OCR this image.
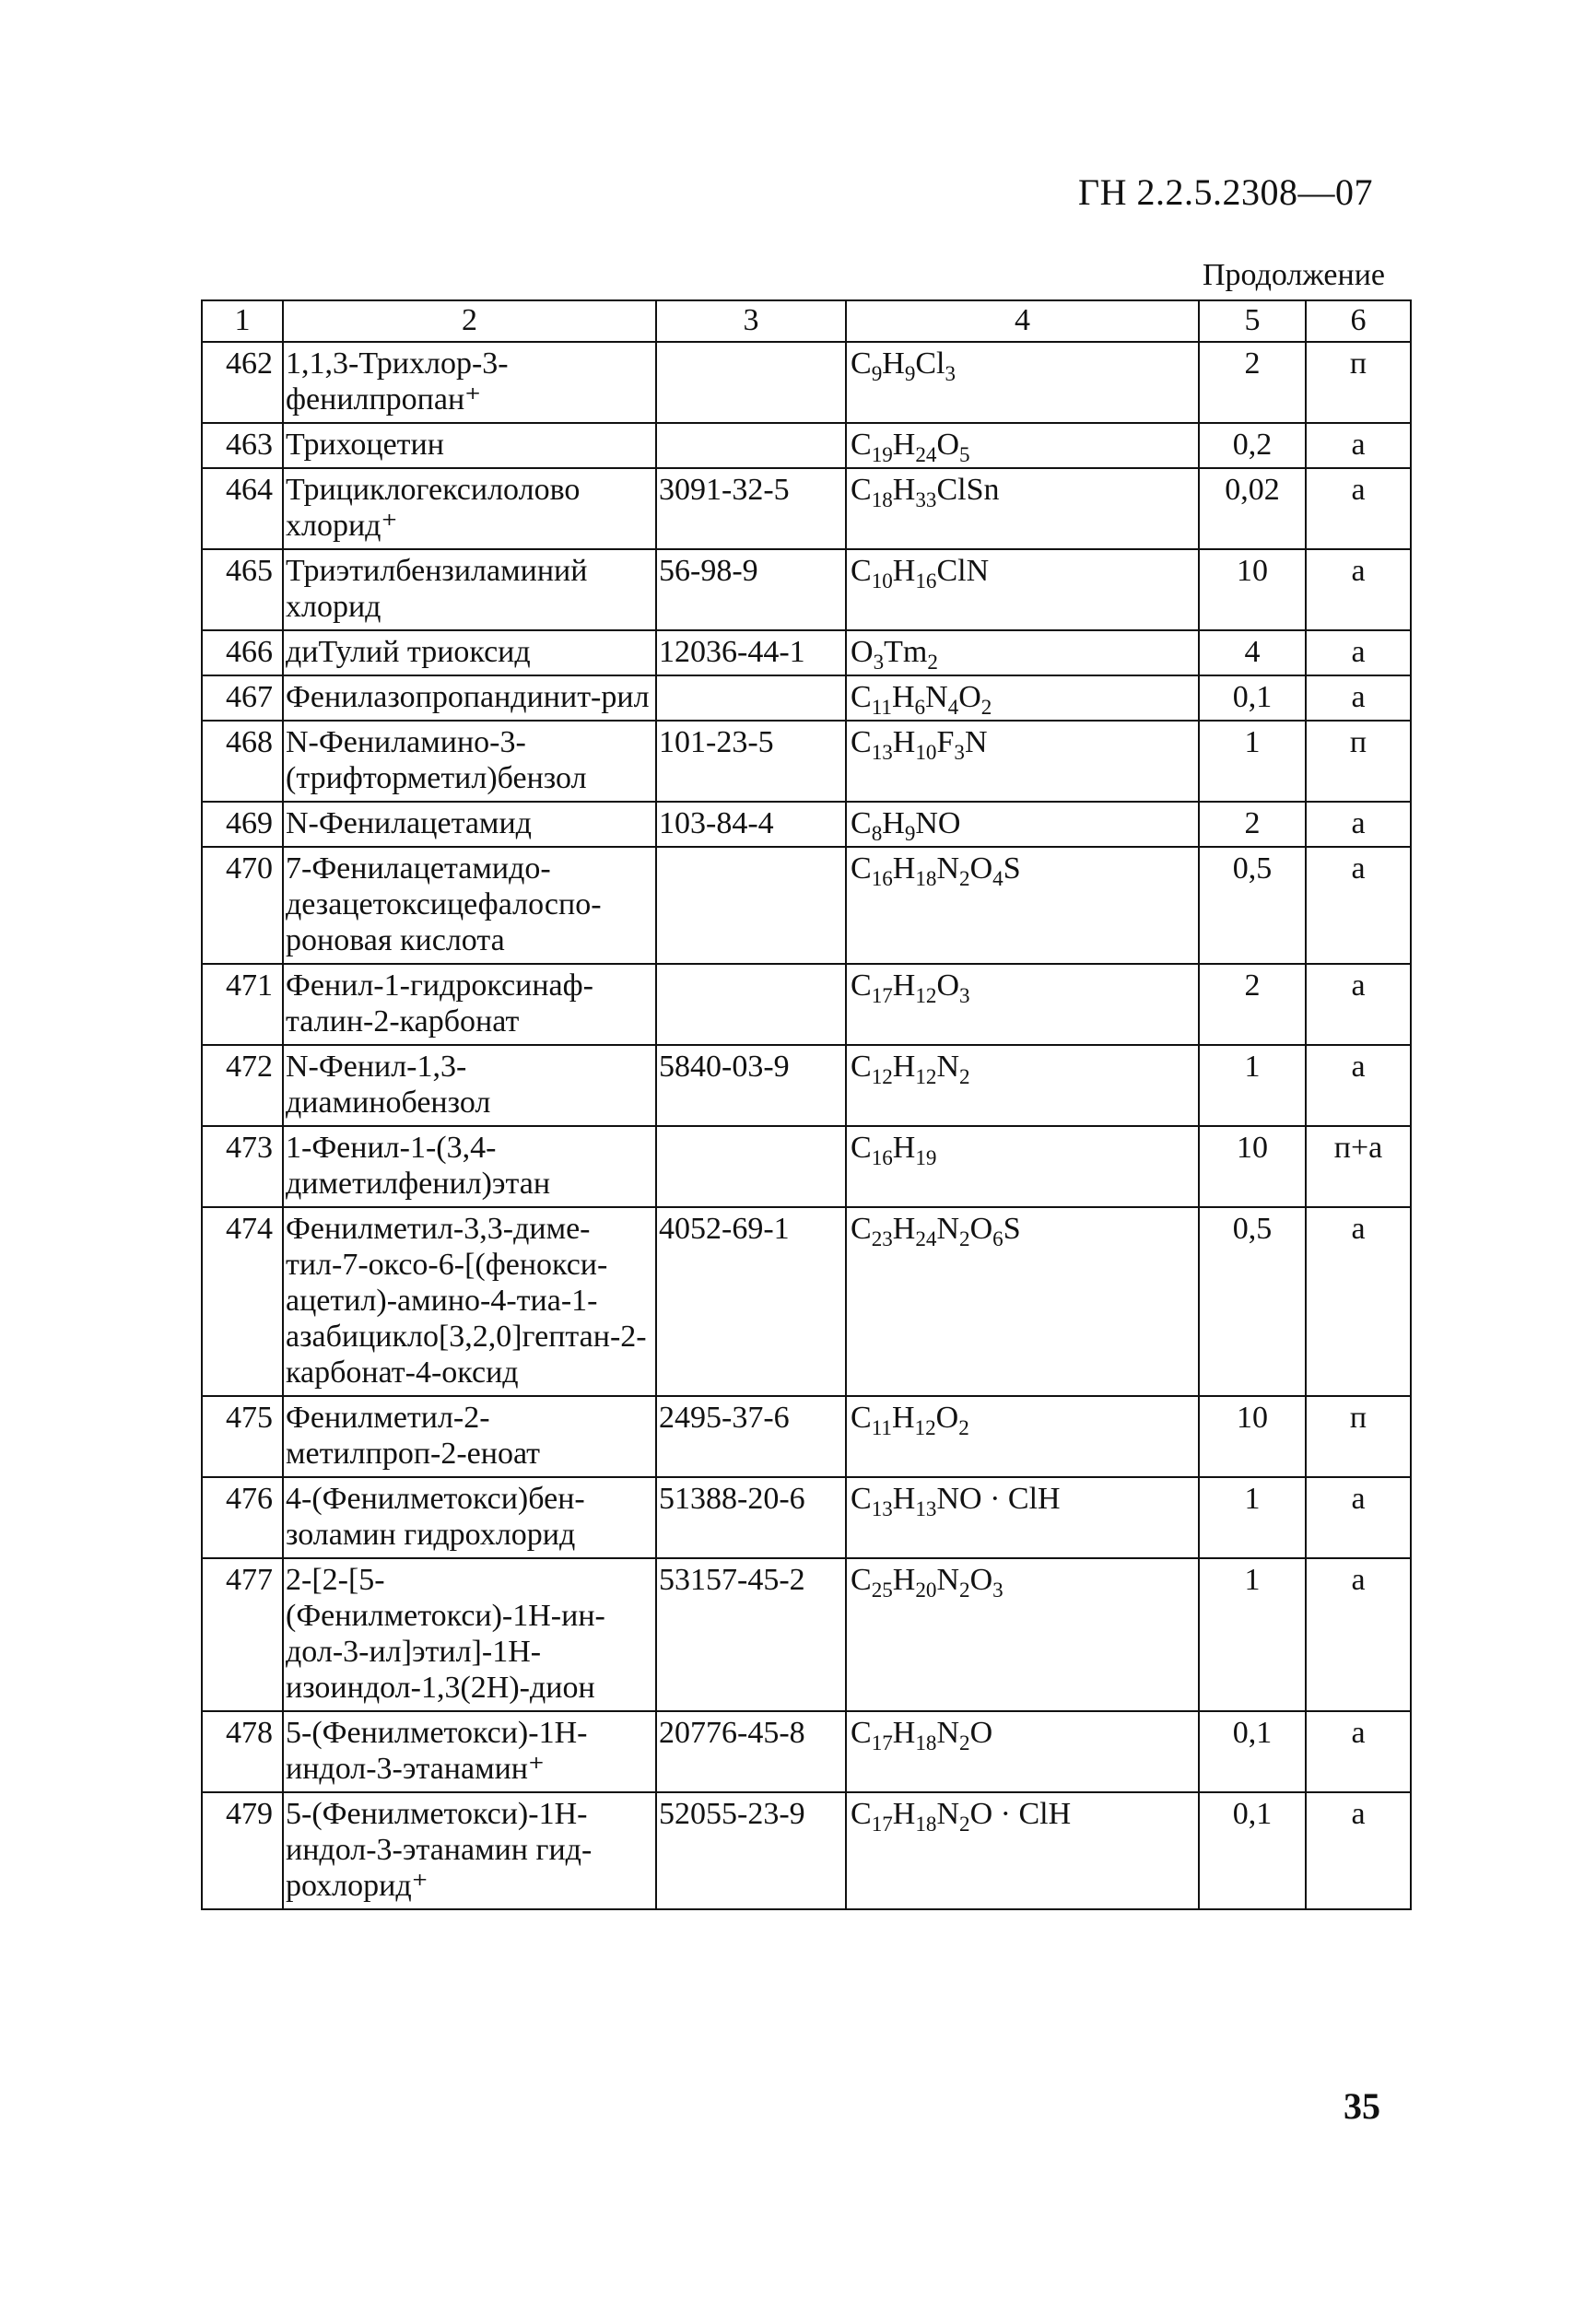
ГН 2.2.5.2308—07
Продолжение
1	2	3	4	5	6
462	1,1,3-Трихлор-3-фенилпропан⁺		$C_9H_9Cl_3$	2	п
463	Трихоцетин		$C_{19}H_{24}O_5$	0,2	а
464	Трициклогексилолово хлорид⁺	3091-32-5	$C_{18}H_{33}ClSn$	0,02	а
465	Триэтилбензиламиний хлорид	56-98-9	$C_{10}H_{16}ClN$	10	а
466	диТулий триоксид	12036-44-1	$O_3Tm_2$	4	а
467	Фенилазопропандинит-рил		$C_{11}H_6N_4O_2$	0,1	а
468	N-Фениламино-3-(трифторметил)бензол	101-23-5	$C_{13}H_{10}F_3N$	1	п
469	N-Фенилацетамид	103-84-4	$C_8H_9NO$	2	а
470	7-Фенилацетамидо-дезацетоксицефалоспо-роновая кислота		$C_{16}H_{18}N_2O_4S$	0,5	а
471	Фенил-1-гидроксинаф-талин-2-карбонат		$C_{17}H_{12}O_3$	2	а
472	N-Фенил-1,3-диаминобензол	5840-03-9	$C_{12}H_{12}N_2$	1	а
473	1-Фенил-1-(3,4-диметилфенил)этан		$C_{16}H_{19}$	10	п+а
474	Фенилметил-3,3-диме-тил-7-оксо-6-[(фенокси-ацетил)-амино-4-тиа-1-азабицикло[3,2,0]гептан-2-карбонат-4-оксид	4052-69-1	$C_{23}H_{24}N_2O_6S$	0,5	а
475	Фенилметил-2-метилпроп-2-еноат	2495-37-6	$C_{11}H_{12}O_2$	10	п
476	4-(Фенилметокси)бен-золамин гидрохлорид	51388-20-6	$C_{13}H_{13}NO$ · ClH	1	а
477	2-[2-[5-(Фенилметокси)-1H-ин-дол-3-ил]этил]-1H-изоиндол-1,3(2H)-дион	53157-45-2	$C_{25}H_{20}N_2O_3$	1	а
478	5-(Фенилметокси)-1H-индол-3-этанамин⁺	20776-45-8	$C_{17}H_{18}N_2O$	0,1	а
479	5-(Фенилметокси)-1H-индол-3-этанамин гид-рохлорид⁺	52055-23-9	$C_{17}H_{18}N_2O$ · ClH	0,1	а
35
